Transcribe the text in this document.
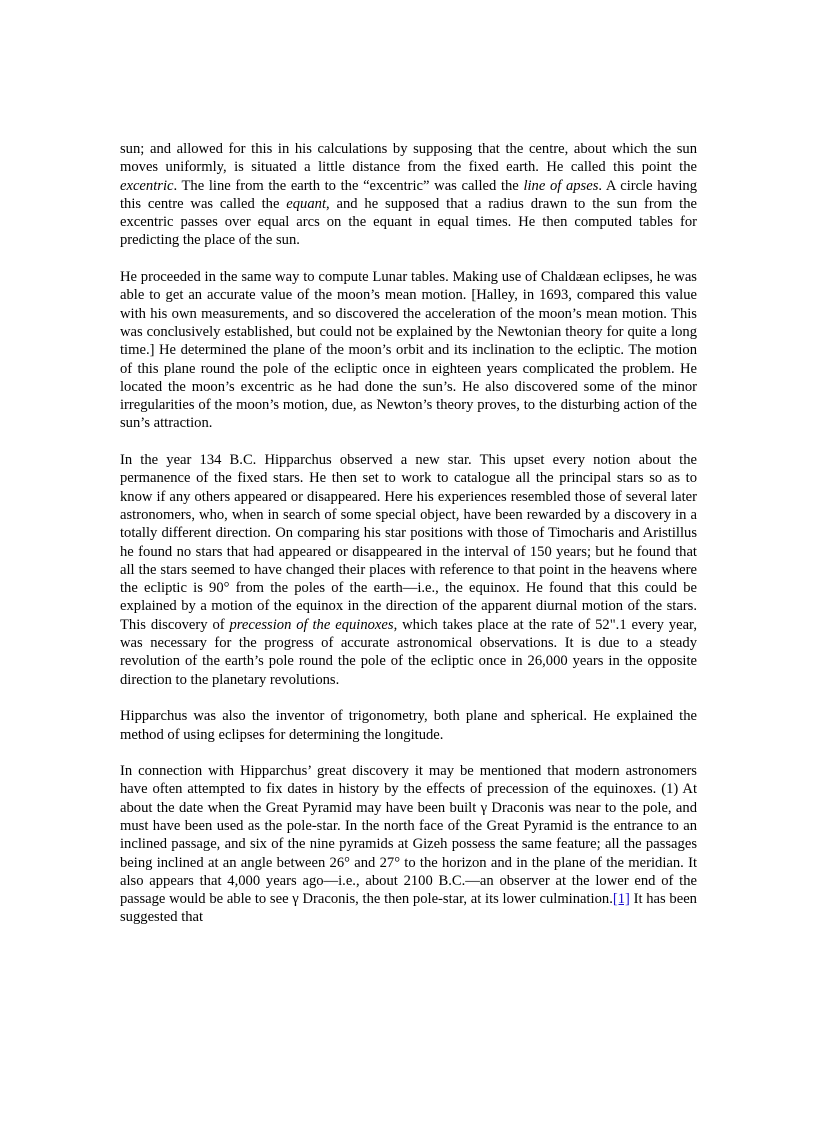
sun; and allowed for this in his calculations by supposing that the centre, about which the sun moves uniformly, is situated a little distance from the fixed earth. He called this point the excentric. The line from the earth to the “excentric” was called the line of apses. A circle having this centre was called the equant, and he supposed that a radius drawn to the sun from the excentric passes over equal arcs on the equant in equal times. He then computed tables for predicting the place of the sun.

He proceeded in the same way to compute Lunar tables. Making use of Chaldæan eclipses, he was able to get an accurate value of the moon’s mean motion. [Halley, in 1693, compared this value with his own measurements, and so discovered the acceleration of the moon’s mean motion. This was conclusively established, but could not be explained by the Newtonian theory for quite a long time.] He determined the plane of the moon’s orbit and its inclination to the ecliptic. The motion of this plane round the pole of the ecliptic once in eighteen years complicated the problem. He located the moon’s excentric as he had done the sun’s. He also discovered some of the minor irregularities of the moon’s motion, due, as Newton’s theory proves, to the disturbing action of the sun’s attraction.

In the year 134 B.C. Hipparchus observed a new star. This upset every notion about the permanence of the fixed stars. He then set to work to catalogue all the principal stars so as to know if any others appeared or disappeared. Here his experiences resembled those of several later astronomers, who, when in search of some special object, have been rewarded by a discovery in a totally different direction. On comparing his star positions with those of Timocharis and Aristillus he found no stars that had appeared or disappeared in the interval of 150 years; but he found that all the stars seemed to have changed their places with reference to that point in the heavens where the ecliptic is 90° from the poles of the earth—i.e., the equinox. He found that this could be explained by a motion of the equinox in the direction of the apparent diurnal motion of the stars. This discovery of precession of the equinoxes, which takes place at the rate of 52".1 every year, was necessary for the progress of accurate astronomical observations. It is due to a steady revolution of the earth’s pole round the pole of the ecliptic once in 26,000 years in the opposite direction to the planetary revolutions.

Hipparchus was also the inventor of trigonometry, both plane and spherical. He explained the method of using eclipses for determining the longitude.

In connection with Hipparchus’ great discovery it may be mentioned that modern astronomers have often attempted to fix dates in history by the effects of precession of the equinoxes. (1) At about the date when the Great Pyramid may have been built γ Draconis was near to the pole, and must have been used as the pole-star. In the north face of the Great Pyramid is the entrance to an inclined passage, and six of the nine pyramids at Gizeh possess the same feature; all the passages being inclined at an angle between 26° and 27° to the horizon and in the plane of the meridian. It also appears that 4,000 years ago—i.e., about 2100 B.C.—an observer at the lower end of the passage would be able to see γ Draconis, the then pole-star, at its lower culmination.[1] It has been suggested that
